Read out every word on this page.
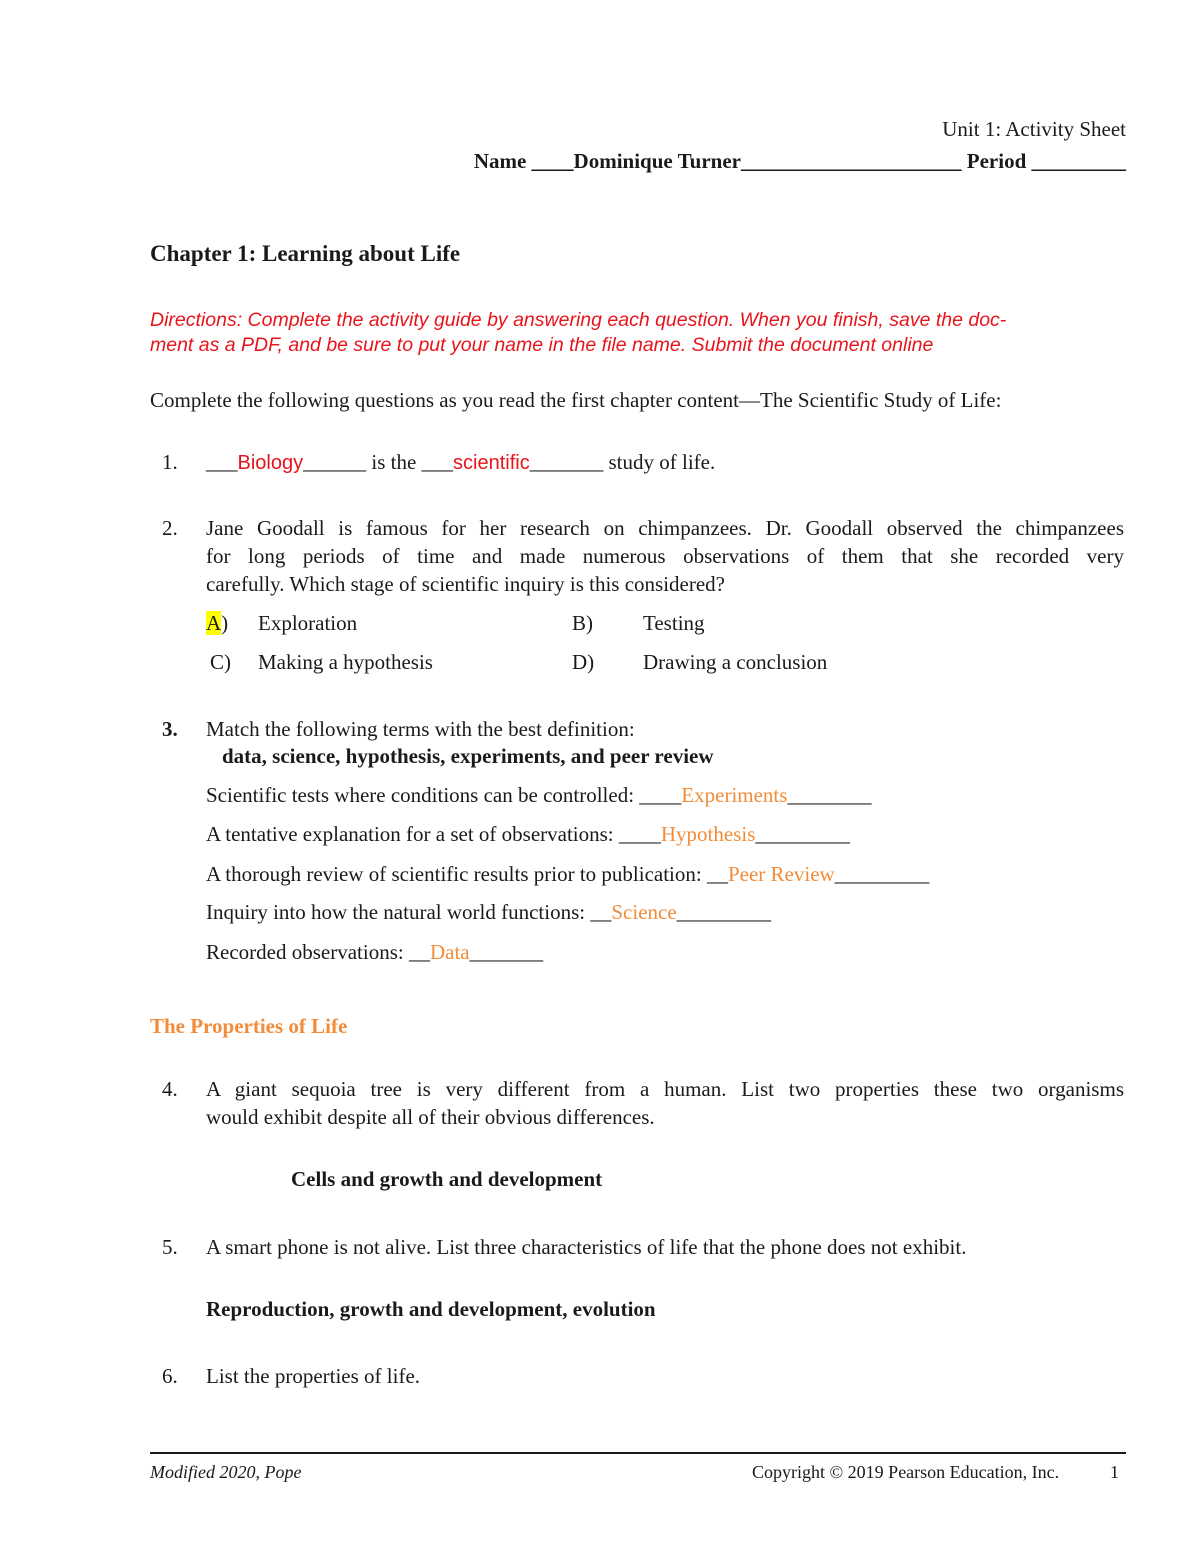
Unit 1: Activity Sheet
Name ____Dominique Turner_____________________ Period _________
Chapter 1: Learning about Life
Directions: Complete the activity guide by answering each question. When you finish, save the doc-
ment as a PDF, and be sure to put your name in the file name. Submit the document online
Complete the following questions as you read the first chapter content—The Scientific Study of Life:
1. ___Biology______ is the ___scientific_______ study of life.
2. Jane Goodall is famous for her research on chimpanzees. Dr. Goodall observed the chimpanzees
for long periods of time and made numerous observations of them that she recorded very
carefully. Which stage of scientific inquiry is this considered?
A) Exploration	B) Testing
C) Making a hypothesis	D) Drawing a conclusion
3. Match the following terms with the best definition:
data, science, hypothesis, experiments, and peer review
Scientific tests where conditions can be controlled: ____Experiments________
A tentative explanation for a set of observations: ____Hypothesis_________
A thorough review of scientific results prior to publication: __Peer Review_________
Inquiry into how the natural world functions: __Science_________
Recorded observations: __Data_______
The Properties of Life
4. A giant sequoia tree is very different from a human. List two properties these two organisms
would exhibit despite all of their obvious differences.
Cells and growth and development
5. A smart phone is not alive. List three characteristics of life that the phone does not exhibit.
Reproduction, growth and development, evolution
6. List the properties of life.
Modified 2020, Pope	Copyright © 2019 Pearson Education, Inc.	1
